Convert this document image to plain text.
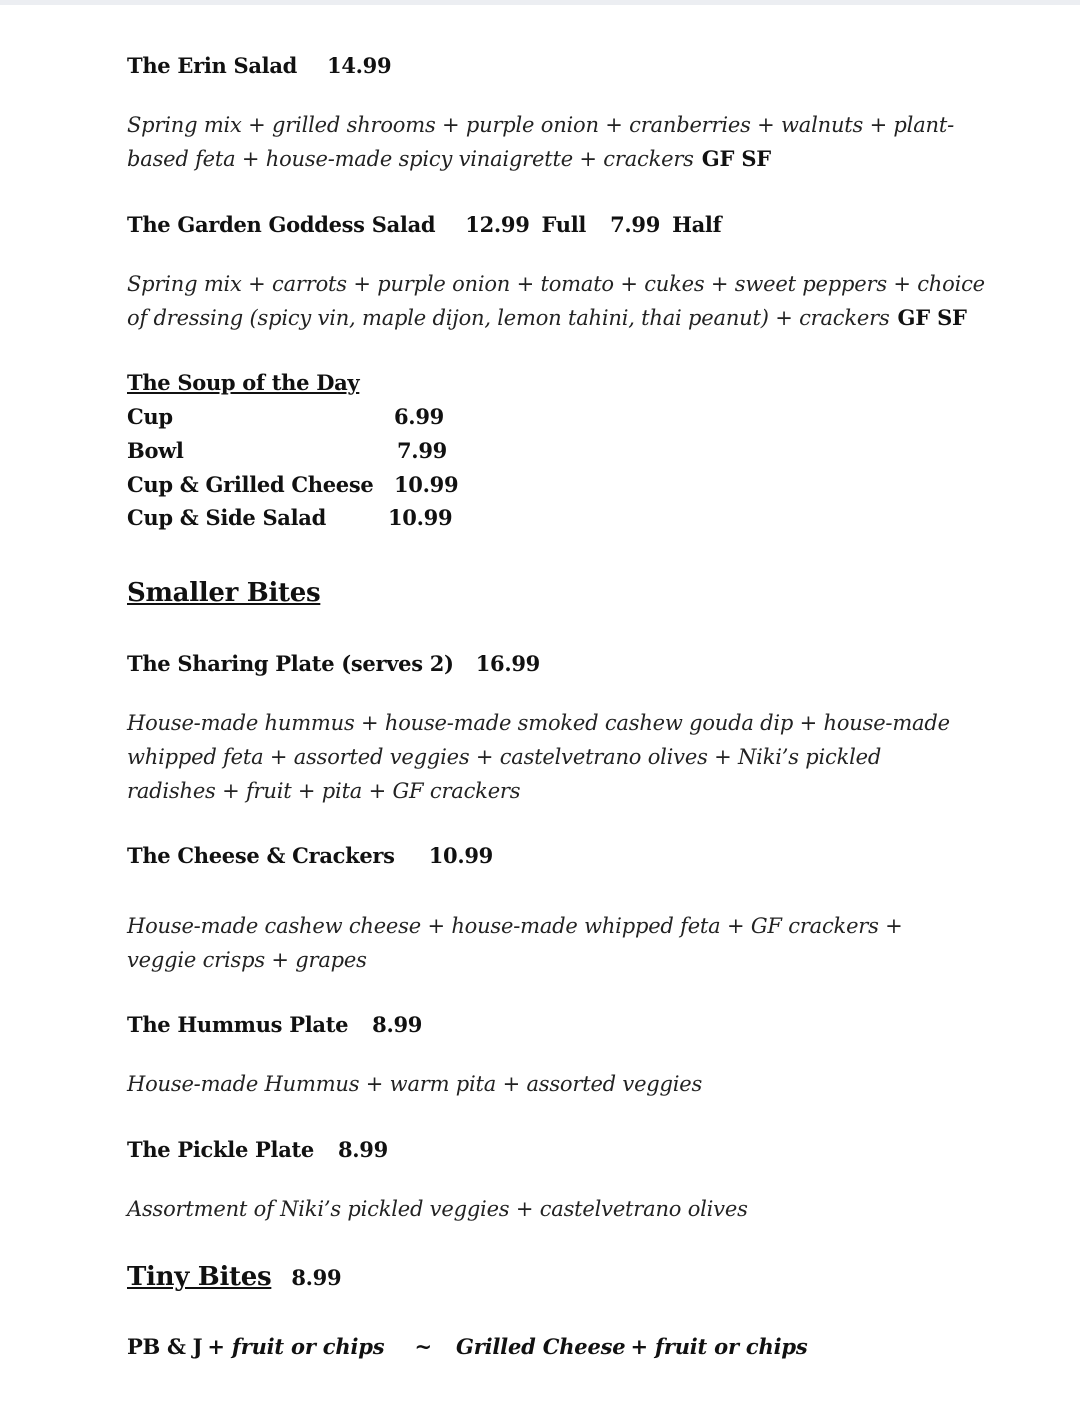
The Erin Salad 14.99
Spring mix + grilled shrooms + purple onion + cranberries + walnuts + plant-based feta + house-made spicy vinaigrette + crackers GF SF
The Garden Goddess Salad 12.99 Full 7.99 Half
Spring mix + carrots + purple onion + tomato + cukes + sweet peppers + choice of dressing (spicy vin, maple dijon, lemon tahini, thai peanut) + crackers GF SF
The Soup of the Day
Cup	6.99
Bowl	7.99
Cup & Grilled Cheese 10.99
Cup & Side Salad	10.99
Smaller Bites
The Sharing Plate (serves 2) 16.99
House-made hummus + house-made smoked cashew gouda dip + house-made whipped feta + assorted veggies + castelvetrano olives + Niki’s pickled radishes + fruit + pita + GF crackers
The Cheese & Crackers 10.99
House-made cashew cheese + house-made whipped feta + GF crackers + veggie crisps + grapes
The Hummus Plate 8.99
House-made Hummus + warm pita + assorted veggies
The Pickle Plate 8.99
Assortment of Niki’s pickled veggies + castelvetrano olives
Tiny Bites 8.99
PB & J + fruit or chips ~ Grilled Cheese + fruit or chips
